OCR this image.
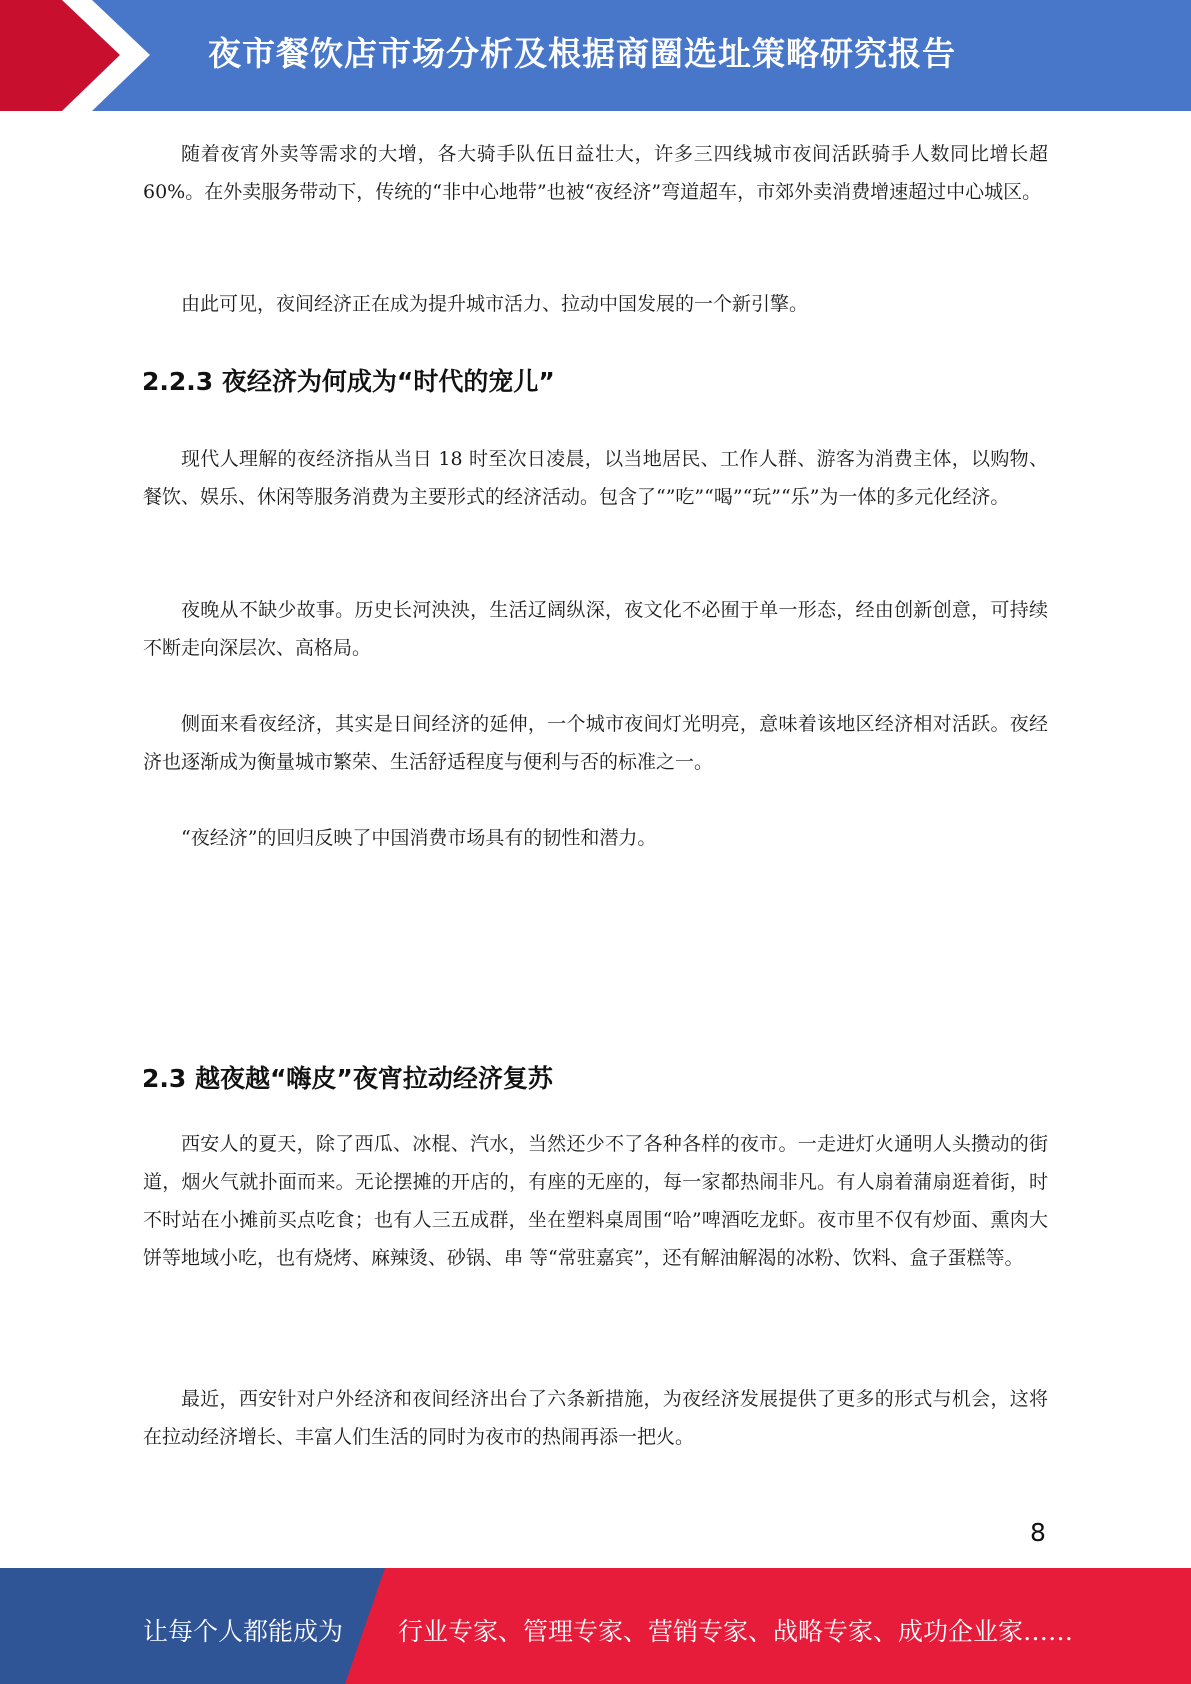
夜市餐饮店市场分析及根据商圈选址策略研究报告

随着夜宵外卖等需求的大增，各大骑手队伍日益壮大，许多三四线城市夜间活跃骑手人数同比增长超 60%。在外卖服务带动下，传统的“非中心地带”也被“夜经济”弯道超车，市郊外卖消费增速超过中心城区。

由此可见，夜间经济正在成为提升城市活力、拉动中国发展的一个新引擎。

2.2.3 夜经济为何成为“时代的宠儿”

现代人理解的夜经济指从当日 18 时至次日凌晨，以当地居民、工作人群、游客为消费主体，以购物、餐饮、娱乐、休闲等服务消费为主要形式的经济活动。包含了“”吃”“喝”“玩”“乐”为一体的多元化经济。

夜晚从不缺少故事。历史长河泱泱，生活辽阔纵深，夜文化不必囿于单一形态，经由创新创意，可持续不断走向深层次、高格局。

侧面来看夜经济，其实是日间经济的延伸，一个城市夜间灯光明亮，意味着该地区经济相对活跃。夜经济也逐渐成为衡量城市繁荣、生活舒适程度与便利与否的标准之一。

“夜经济”的回归反映了中国消费市场具有的韧性和潜力。

2.3 越夜越“嗨皮”夜宵拉动经济复苏

西安人的夏天，除了西瓜、冰棍、汽水，当然还少不了各种各样的夜市。一走进灯火通明人头攒动的街道，烟火气就扑面而来。无论摆摊的开店的，有座的无座的，每一家都热闹非凡。有人扇着蒲扇逛着街，时不时站在小摊前买点吃食；也有人三五成群，坐在塑料桌周围“哈”啤酒吃龙虾。夜市里不仅有炒面、熏肉大饼等地域小吃，也有烧烤、麻辣烫、砂锅、串 等“常驻嘉宾”，还有解油解渴的冰粉、饮料、盒子蛋糕等。

最近，西安针对户外经济和夜间经济出台了六条新措施，为夜经济发展提供了更多的形式与机会，这将在拉动经济增长、丰富人们生活的同时为夜市的热闹再添一把火。

8
让每个人都能成为 行业专家、管理专家、营销专家、战略专家、成功企业家……
